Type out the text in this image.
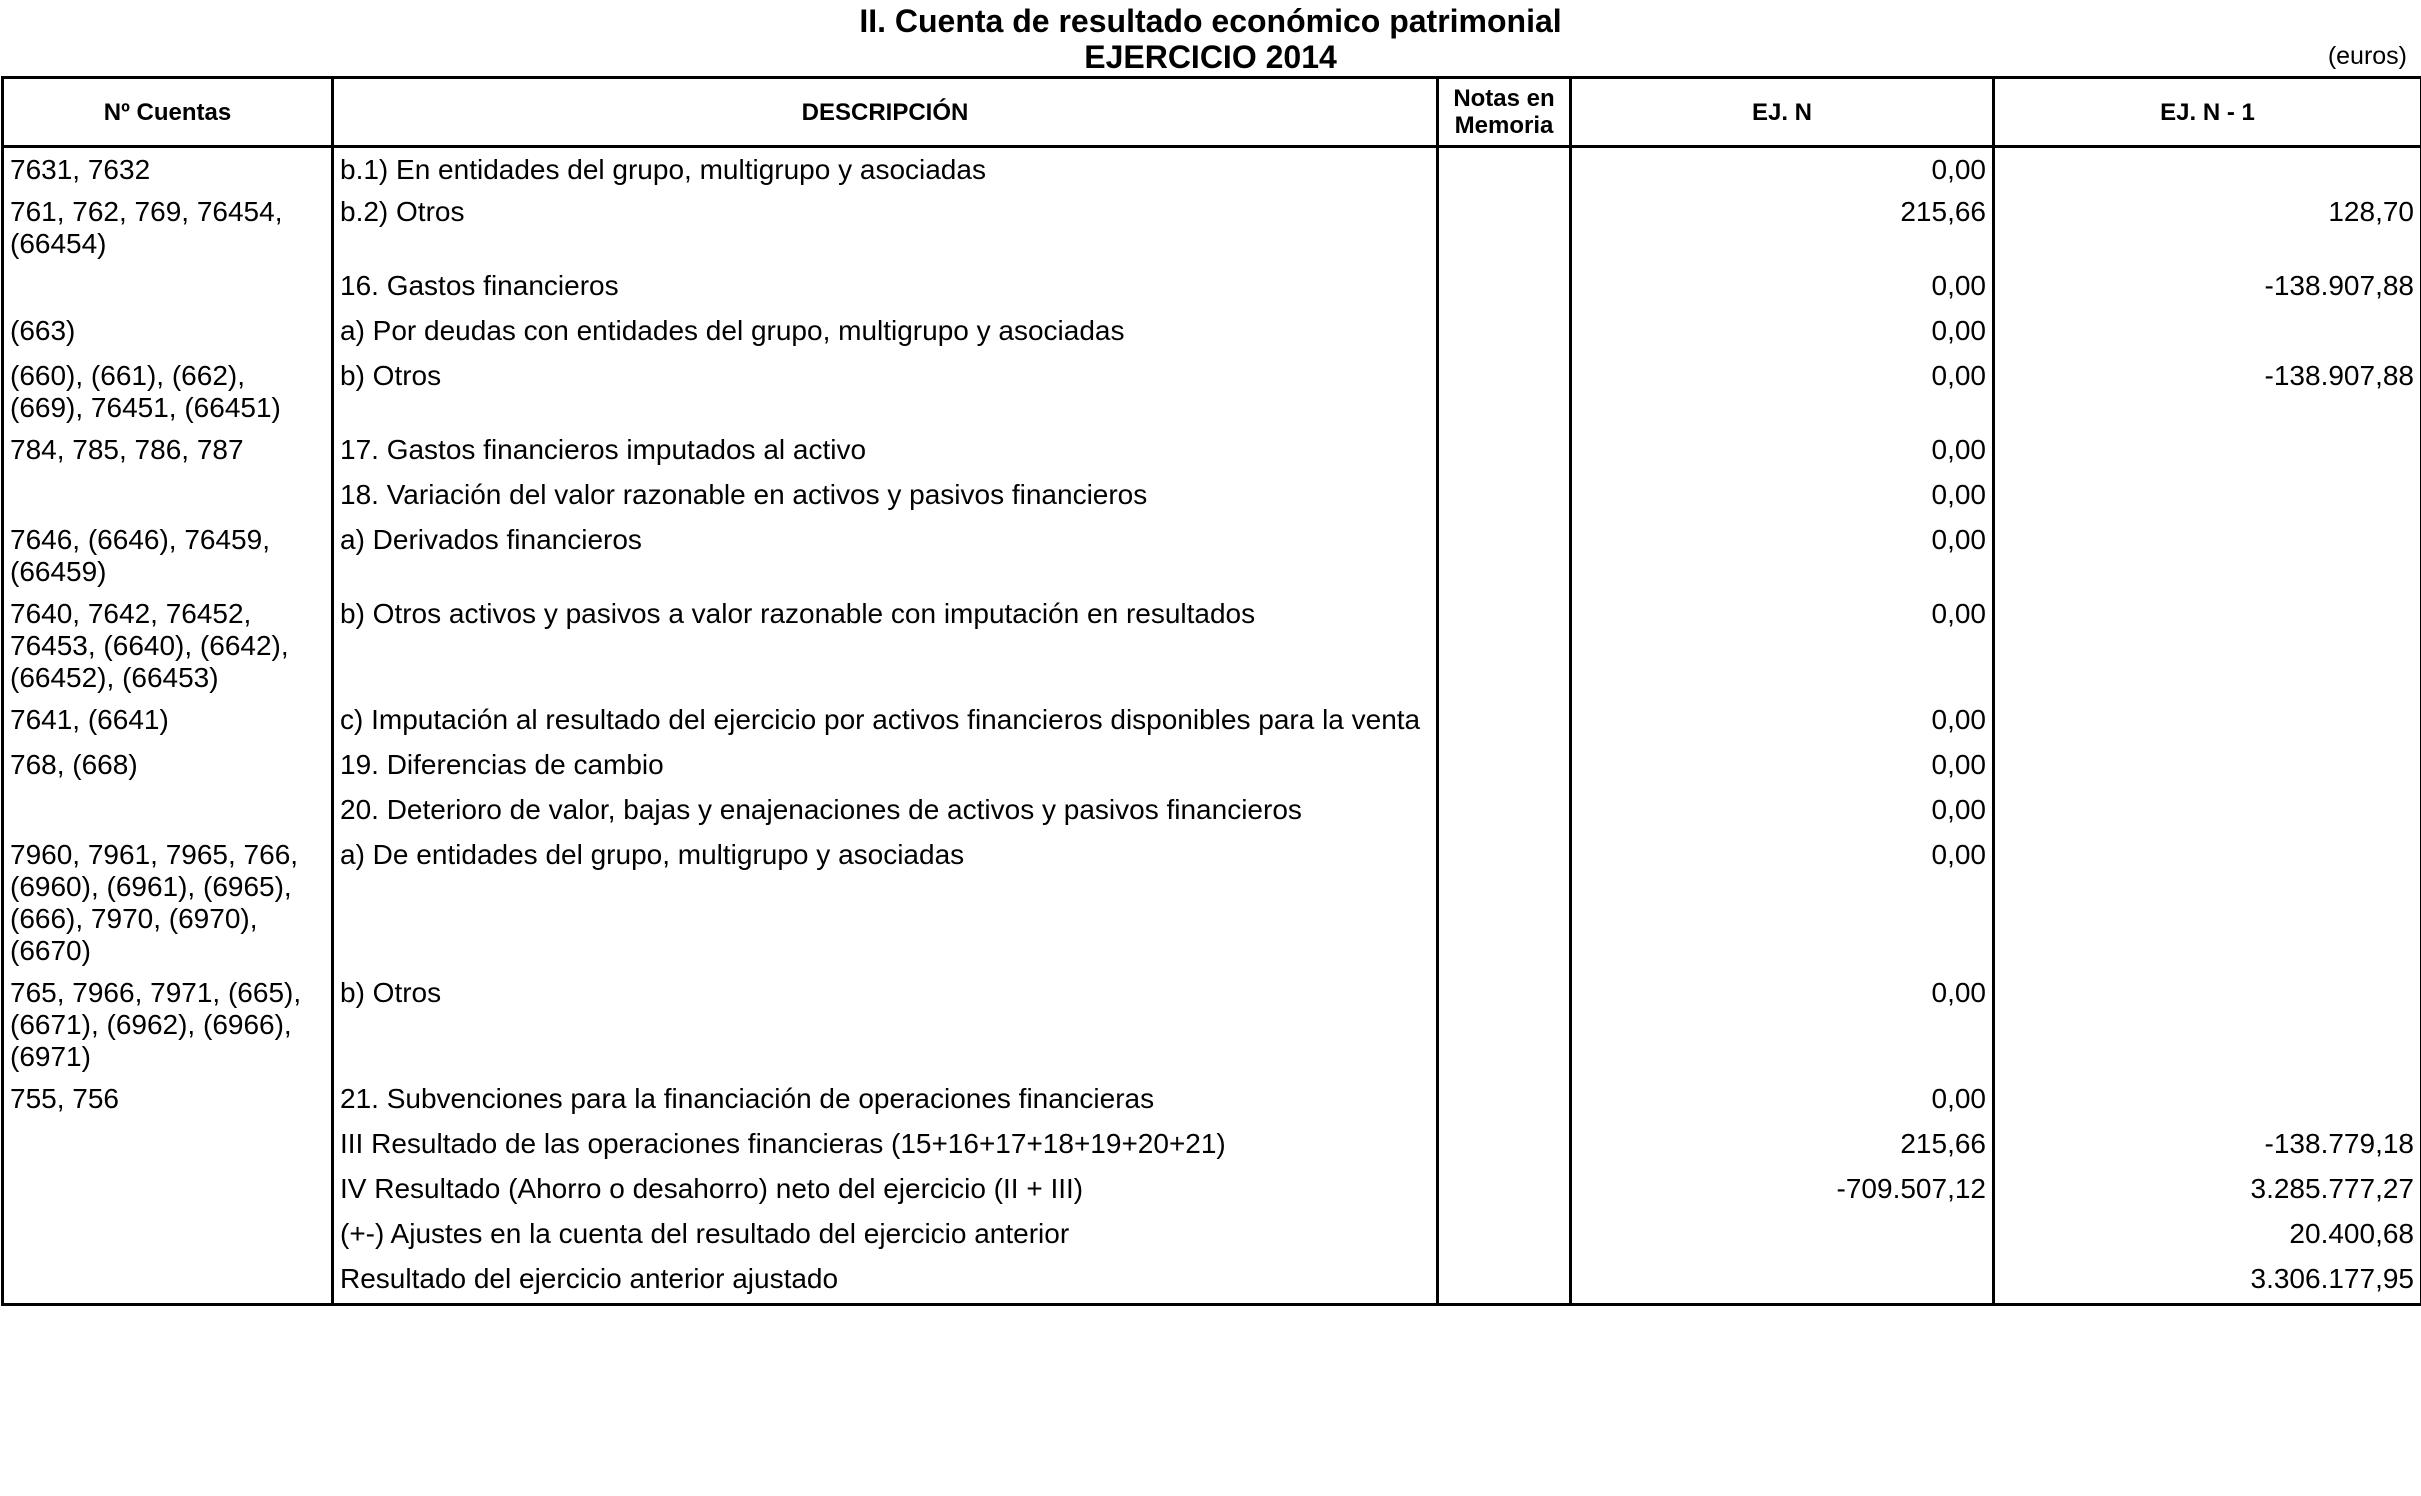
II. Cuenta de resultado económico patrimonial
EJERCICIO 2014	(euros)
Nº Cuentas	DESCRIPCIÓN	Notas en Memoria	EJ. N	EJ. N - 1
7631, 7632	b.1) En entidades del grupo, multigrupo y asociadas		0,00	
761, 762, 769, 76454, (66454)	b.2) Otros		215,66	128,70
	16. Gastos financieros		0,00	-138.907,88
(663)	a) Por deudas con entidades del grupo, multigrupo y asociadas		0,00	
(660), (661), (662), (669), 76451, (66451)	b) Otros		0,00	-138.907,88
784, 785, 786, 787	17. Gastos financieros imputados al activo		0,00	
	18. Variación del valor razonable en activos y pasivos financieros		0,00	
7646, (6646), 76459, (66459)	a) Derivados financieros		0,00	
7640, 7642, 76452, 76453, (6640), (6642), (66452), (66453)	b) Otros activos y pasivos a valor razonable con imputación en resultados		0,00	
7641, (6641)	c) Imputación al resultado del ejercicio por activos financieros disponibles para la venta		0,00	
768, (668)	19. Diferencias de cambio		0,00	
	20. Deterioro de valor, bajas y enajenaciones de activos y pasivos financieros		0,00	
7960, 7961, 7965, 766, (6960), (6961), (6965), (666), 7970, (6970), (6670)	a) De entidades del grupo, multigrupo y asociadas		0,00	
765, 7966, 7971, (665), (6671), (6962), (6966), (6971)	b) Otros		0,00	
755, 756	21. Subvenciones para la financiación de operaciones financieras		0,00	
	III Resultado de las operaciones financieras (15+16+17+18+19+20+21)		215,66	-138.779,18
	IV Resultado (Ahorro o desahorro) neto del ejercicio (II + III)		-709.507,12	3.285.777,27
	(+-) Ajustes en la cuenta del resultado del ejercicio anterior			20.400,68
	Resultado del ejercicio anterior ajustado			3.306.177,95
